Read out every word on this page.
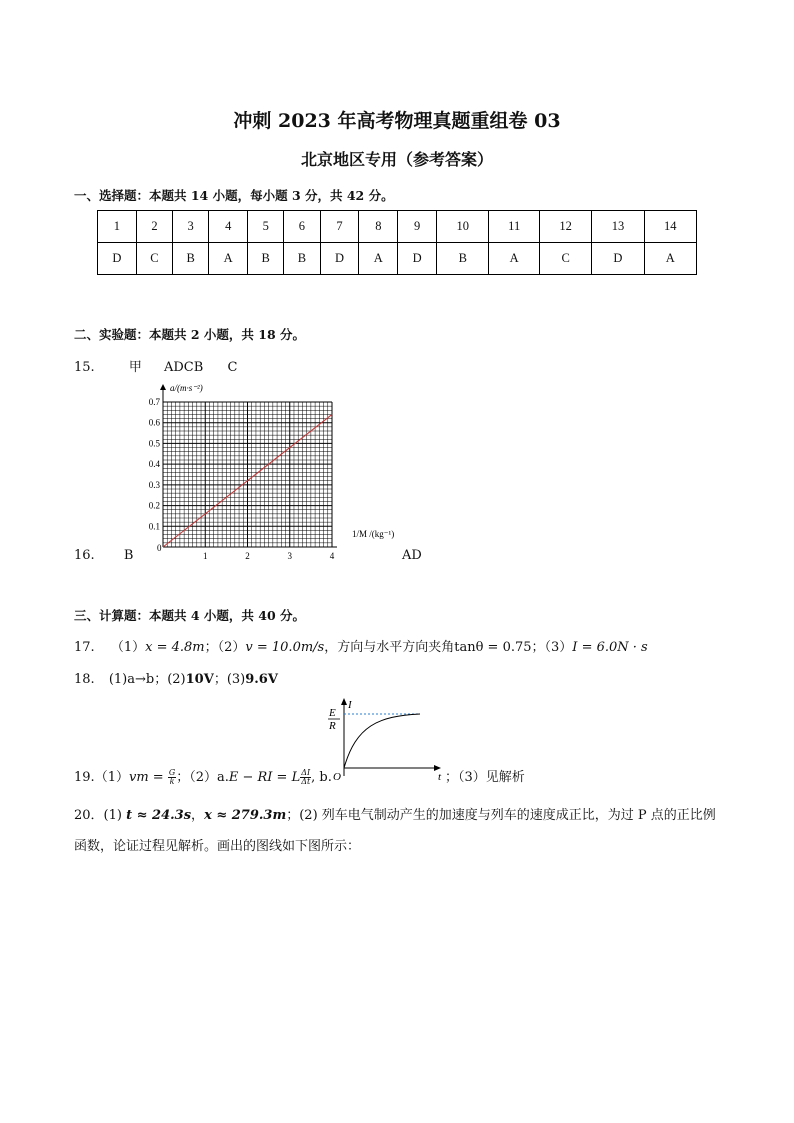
冲刺 2023 年高考物理真题重组卷 03
北京地区专用（参考答案）
一、选择题：本题共 14 小题，每小题 3 分，共 42 分。
1	2	3	4	5	6	7	8	9	10	11	12	13	14
D	C	B	A	B	B	D	A	D	B	A	C	D	A
二、实验题：本题共 2 小题，共 18 分。
15.	甲 ADCB C
0.1
0.2
0.3
0.4
0.5
0.6
0.7
1	2	3	4
a/(m·s⁻²)
1/M /(kg⁻¹)
0
16. B	AD
三、计算题：本题共 4 小题，共 40 分。
17. （1）x = 4.8m；（2）v = 10.0m/s，方向与水平方向夹角tanθ = 0.75；（3）I = 6.0N · s
18. (1)a→b；(2)10V；(3)9.6V
I
t
O
E
R
$19.(1)vm = \frac{G}{k}$ ；（2）a.E − RI = L $\frac{\Delta I}{\Delta t}$ , b.	；（3）见解析
20．(1) t ≈ 24.3s，x ≈ 279.3m；(2) 列车电气制动产生的加速度与列车的速度成正比，为过 P 点的正比例
函数，论证过程见解析。画出的图线如下图所示：
